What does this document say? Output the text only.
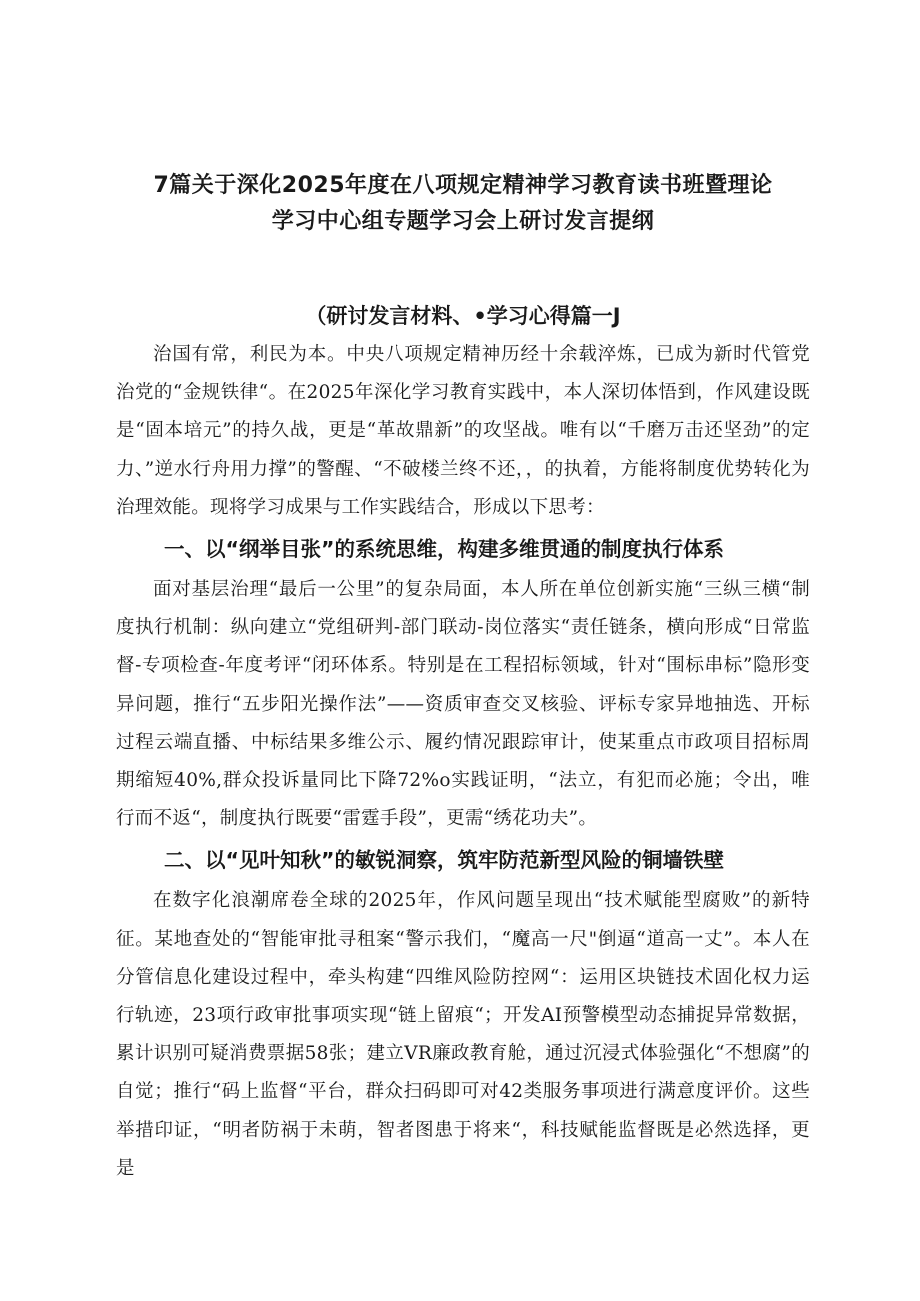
7篇关于深化2025年度在八项规定精神学习教育读书班暨理论

学习中心组专题学习会上研讨发言提纲

（研讨发言材料、•学习心得篇一J

治国有常，利民为本。中央八项规定精神历经十余载淬炼，已成为新时代管党治党的“金规铁律“。在2025年深化学习教育实践中，本人深切体悟到，作风建设既是“固本培元”的持久战，更是“革故鼎新”的攻坚战。唯有以“千磨万击还坚劲”的定力、”逆水行舟用力撑”的警醒、“不破楼兰终不还，，的执着，方能将制度优势转化为治理效能。现将学习成果与工作实践结合，形成以下思考：

一、以“纲举目张”的系统思维，构建多维贯通的制度执行体系

面对基层治理“最后一公里”的复杂局面，本人所在单位创新实施“三纵三横“制度执行机制：纵向建立“党组研判-部门联动-岗位落实“责任链条，横向形成“日常监督-专项检查-年度考评“闭环体系。特别是在工程招标领域，针对“围标串标”隐形变异问题，推行“五步阳光操作法”——资质审查交叉核验、评标专家异地抽选、开标过程云端直播、中标结果多维公示、履约情况跟踪审计，使某重点市政项目招标周期缩短40%,群众投诉量同比下降72%o实践证明，“法立，有犯而必施；令出，唯行而不返“，制度执行既要“雷霆手段”，更需“绣花功夫”。

二、以“见叶知秋”的敏锐洞察，筑牢防范新型风险的铜墙铁壁

在数字化浪潮席卷全球的2025年，作风问题呈现出“技术赋能型腐败”的新特征。某地查处的“智能审批寻租案“警示我们，“魔高一尺"倒逼“道高一丈”。本人在分管信息化建设过程中，牵头构建“四维风险防控网“：运用区块链技术固化权力运行轨迹，23项行政审批事项实现“链上留痕“；开发AI预警模型动态捕捉异常数据，累计识别可疑消费票据58张；建立VR廉政教育舱，通过沉浸式体验强化“不想腐”的自觉；推行“码上监督“平台，群众扫码即可对42类服务事项进行满意度评价。这些举措印证，“明者防祸于未萌，智者图患于将来“，科技赋能监督既是必然选择，更是
